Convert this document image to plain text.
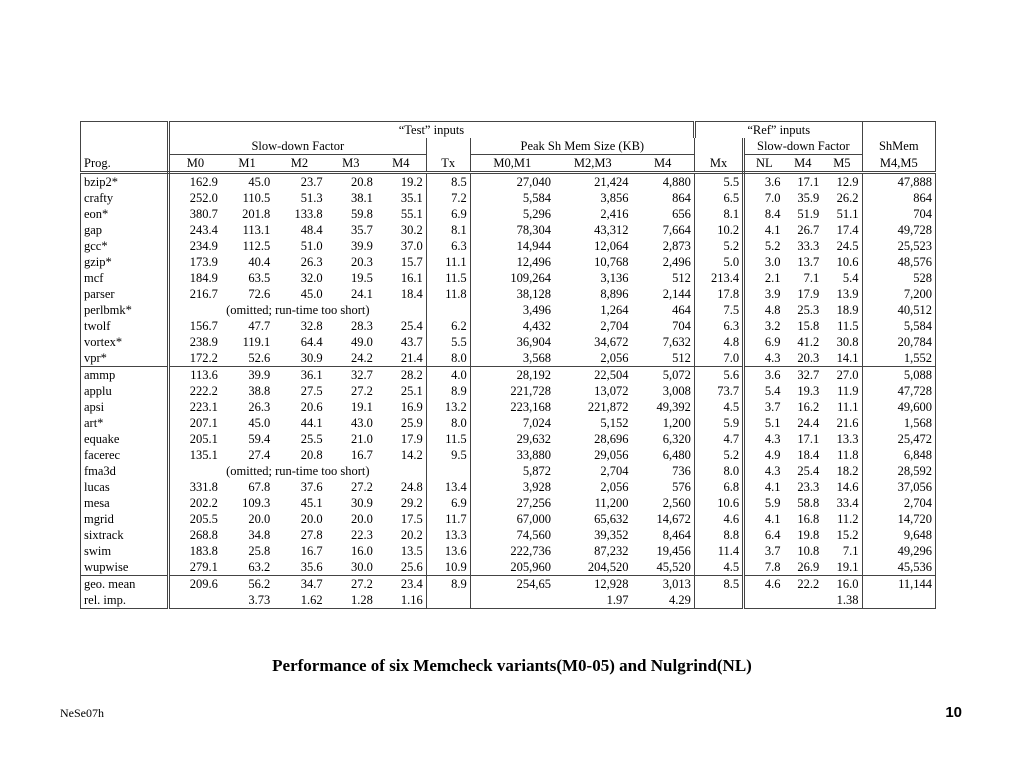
	“Test” inputs									“Ref” inputs				
	Slow-down Factor						Peak Sh Mem Size (KB)				Slow-down Factor			ShMem
Prog.	M0	M1	M2	M3	M4	Tx	M0,M1	M2,M3	M4	Mx	NL	M4	M5	M4,M5
bzip2*	162.9	45.0	23.7	20.8	19.2	8.5	27,040	21,424	4,880	5.5	3.6	17.1	12.9	47,888
crafty	252.0	110.5	51.3	38.1	35.1	7.2	5,584	3,856	864	6.5	7.0	35.9	26.2	864
eon*	380.7	201.8	133.8	59.8	55.1	6.9	5,296	2,416	656	8.1	8.4	51.9	51.1	704
gap	243.4	113.1	48.4	35.7	30.2	8.1	78,304	43,312	7,664	10.2	4.1	26.7	17.4	49,728
gcc*	234.9	112.5	51.0	39.9	37.0	6.3	14,944	12,064	2,873	5.2	5.2	33.3	24.5	25,523
gzip*	173.9	40.4	26.3	20.3	15.7	11.1	12,496	10,768	2,496	5.0	3.0	13.7	10.6	48,576
mcf	184.9	63.5	32.0	19.5	16.1	11.5	109,264	3,136	512	213.4	2.1	7.1	5.4	528
parser	216.7	72.6	45.0	24.1	18.4	11.8	38,128	8,896	2,144	17.8	3.9	17.9	13.9	7,200
perlbmk*	(omitted; run-time too short)						3,496	1,264	464	7.5	4.8	25.3	18.9	40,512
twolf	156.7	47.7	32.8	28.3	25.4	6.2	4,432	2,704	704	6.3	3.2	15.8	11.5	5,584
vortex*	238.9	119.1	64.4	49.0	43.7	5.5	36,904	34,672	7,632	4.8	6.9	41.2	30.8	20,784
vpr*	172.2	52.6	30.9	24.2	21.4	8.0	3,568	2,056	512	7.0	4.3	20.3	14.1	1,552
ammp	113.6	39.9	36.1	32.7	28.2	4.0	28,192	22,504	5,072	5.6	3.6	32.7	27.0	5,088
applu	222.2	38.8	27.5	27.2	25.1	8.9	221,728	13,072	3,008	73.7	5.4	19.3	11.9	47,728
apsi	223.1	26.3	20.6	19.1	16.9	13.2	223,168	221,872	49,392	4.5	3.7	16.2	11.1	49,600
art*	207.1	45.0	44.1	43.0	25.9	8.0	7,024	5,152	1,200	5.9	5.1	24.4	21.6	1,568
equake	205.1	59.4	25.5	21.0	17.9	11.5	29,632	28,696	6,320	4.7	4.3	17.1	13.3	25,472
facerec	135.1	27.4	20.8	16.7	14.2	9.5	33,880	29,056	6,480	5.2	4.9	18.4	11.8	6,848
fma3d	(omitted; run-time too short)						5,872	2,704	736	8.0	4.3	25.4	18.2	28,592
lucas	331.8	67.8	37.6	27.2	24.8	13.4	3,928	2,056	576	6.8	4.1	23.3	14.6	37,056
mesa	202.2	109.3	45.1	30.9	29.2	6.9	27,256	11,200	2,560	10.6	5.9	58.8	33.4	2,704
mgrid	205.5	20.0	20.0	20.0	17.5	11.7	67,000	65,632	14,672	4.6	4.1	16.8	11.2	14,720
sixtrack	268.8	34.8	27.8	22.3	20.2	13.3	74,560	39,352	8,464	8.8	6.4	19.8	15.2	9,648
swim	183.8	25.8	16.7	16.0	13.5	13.6	222,736	87,232	19,456	11.4	3.7	10.8	7.1	49,296
wupwise	279.1	63.2	35.6	30.0	25.6	10.9	205,960	204,520	45,520	4.5	7.8	26.9	19.1	45,536
geo. mean	209.6	56.2	34.7	27.2	23.4	8.9	254,65	12,928	3,013	8.5	4.6	22.2	16.0	11,144
rel. imp.		3.73	1.62	1.28	1.16			1.97	4.29				1.38	
Performance of six Memcheck variants(M0-05) and Nulgrind(NL)
NeSe07h	10
